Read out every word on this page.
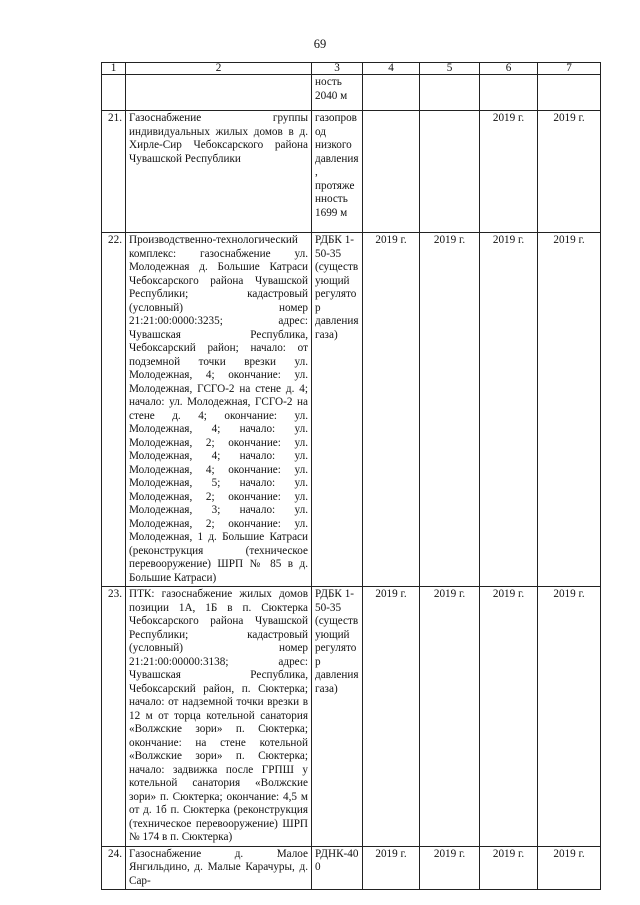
69
1	2	3	4	5	6	7
		ность 2040 м				
21.	Газоснабжение группы индивидуальных жилых домов в д. Хирле-Сир Чебоксарского района Чувашской Республики	газопровод низкого давления, протяженность 1699 м			2019 г.	2019 г.
22.	Производственно-технологический комплекс: газоснабжение ул. Молодежная д. Большие Катраси Чебоксарского района Чувашской Республики; кадастровый (условный) номер 21:21:00:0000:3235; адрес: Чувашская Республика, Чебоксарский район; начало: от подземной точки врезки ул. Молодежная, 4; окончание: ул. Молодежная, ГСГО-2 на стене д. 4; начало: ул. Молодежная, ГСГО-2 на стене д. 4; окончание: ул. Молодежная, 4; начало: ул. Молодежная, 2; окончание: ул. Молодежная, 4; начало: ул. Молодежная, 4; окончание: ул. Молодежная, 5; начало: ул. Молодежная, 2; окончание: ул. Молодежная, 3; начало: ул. Молодежная, 2; окончание: ул. Молодежная, 1 д. Большие Катраси (реконструкция (техническое перевооружение) ШРП № 85 в д. Большие Катраси)	РДБК 1-50-35 (существующий регулятор давления газа)	2019 г.	2019 г.	2019 г.	2019 г.
23.	ПТК: газоснабжение жилых домов позиции 1А, 1Б в п. Сюктерка Чебоксарского района Чувашской Республики; кадастровый (условный) номер 21:21:00:00000:3138; адрес: Чувашская Республика, Чебоксарский район, п. Сюктерка; начало: от надземной точки врезки в 12 м от торца котельной санатория «Волжские зори» п. Сюктерка; окончание: на стене котельной «Волжские зори» п. Сюктерка; начало: задвижка после ГРПШ у котельной санатория «Волжские зори» п. Сюктерка; окончание: 4,5 м от д. 1б п. Сюктерка (реконструкция (техническое перевооружение) ШРП № 174 в п. Сюктерка)	РДБК 1-50-35 (существующий регулятор давления газа)	2019 г.	2019 г.	2019 г.	2019 г.
24.	Газоснабжение д. Малое Янгильдино, д. Малые Карачуры, д. Сар-	РДНК-400	2019 г.	2019 г.	2019 г.	2019 г.
